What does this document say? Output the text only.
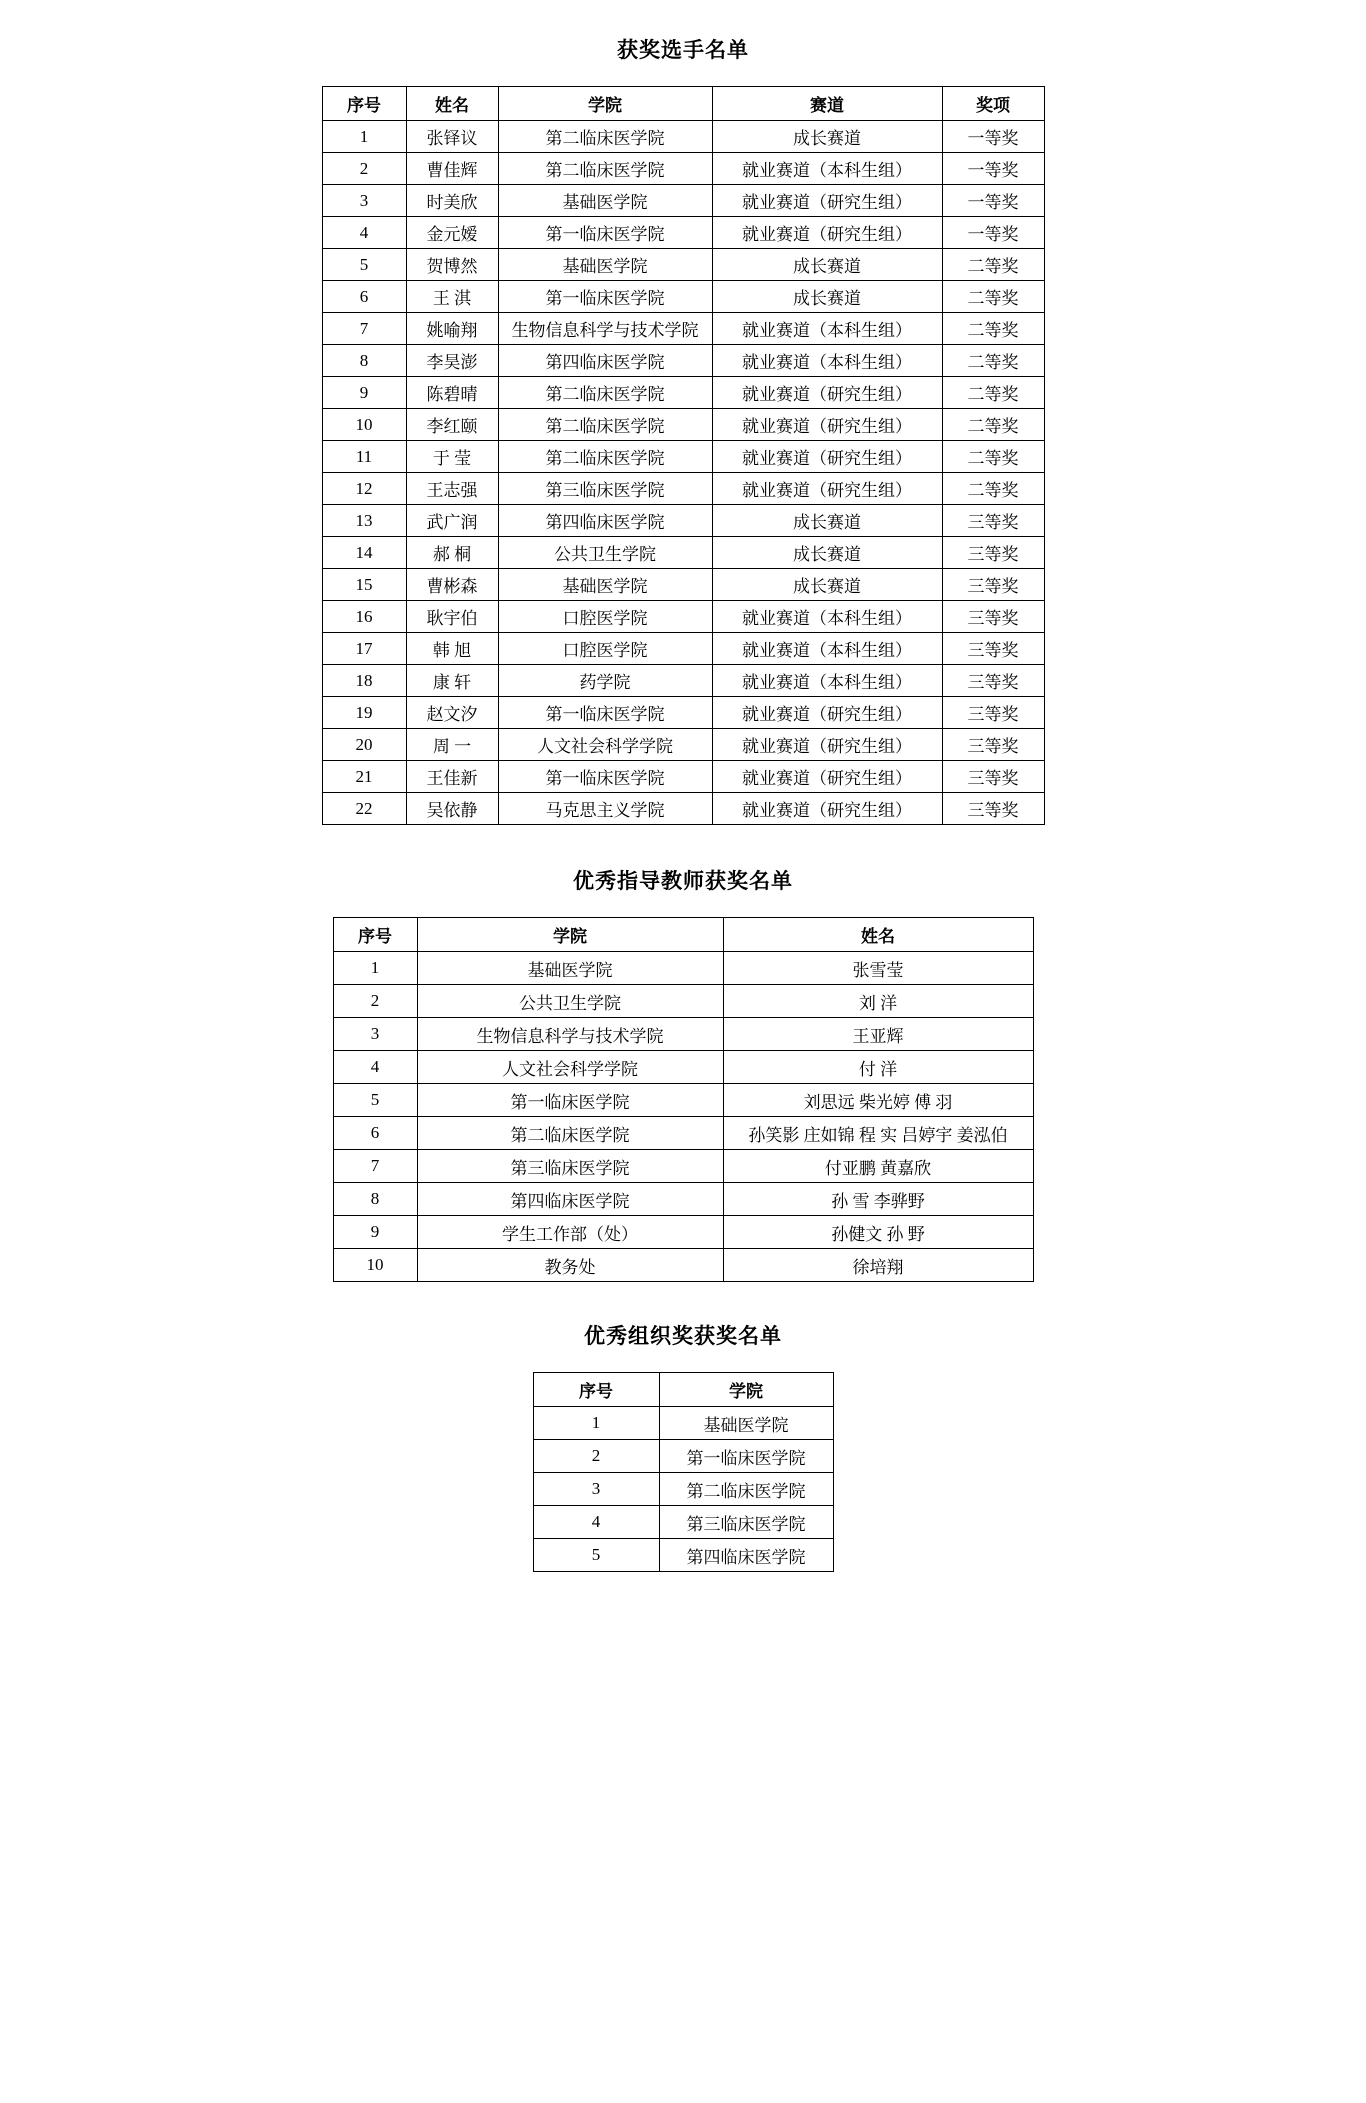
获奖选手名单
序号	姓名	学院	赛道	奖项
1	张铎议	第二临床医学院	成长赛道	一等奖
2	曹佳辉	第二临床医学院	就业赛道（本科生组）	一等奖
3	时美欣	基础医学院	就业赛道（研究生组）	一等奖
4	金元嫒	第一临床医学院	就业赛道（研究生组）	一等奖
5	贺博然	基础医学院	成长赛道	二等奖
6	王 淇	第一临床医学院	成长赛道	二等奖
7	姚喻翔	生物信息科学与技术学院	就业赛道（本科生组）	二等奖
8	李昊澎	第四临床医学院	就业赛道（本科生组）	二等奖
9	陈碧晴	第二临床医学院	就业赛道（研究生组）	二等奖
10	李红颐	第二临床医学院	就业赛道（研究生组）	二等奖
11	于 莹	第二临床医学院	就业赛道（研究生组）	二等奖
12	王志强	第三临床医学院	就业赛道（研究生组）	二等奖
13	武广润	第四临床医学院	成长赛道	三等奖
14	郝 桐	公共卫生学院	成长赛道	三等奖
15	曹彬森	基础医学院	成长赛道	三等奖
16	耿宇伯	口腔医学院	就业赛道（本科生组）	三等奖
17	韩 旭	口腔医学院	就业赛道（本科生组）	三等奖
18	康 轩	药学院	就业赛道（本科生组）	三等奖
19	赵文汐	第一临床医学院	就业赛道（研究生组）	三等奖
20	周 一	人文社会科学学院	就业赛道（研究生组）	三等奖
21	王佳新	第一临床医学院	就业赛道（研究生组）	三等奖
22	吴依静	马克思主义学院	就业赛道（研究生组）	三等奖
优秀指导教师获奖名单
序号	学院	姓名
1	基础医学院	张雪莹
2	公共卫生学院	刘 洋
3	生物信息科学与技术学院	王亚辉
4	人文社会科学学院	付 洋
5	第一临床医学院	刘思远 柴光婷 傅 羽
6	第二临床医学院	孙笑影 庄如锦 程 实 吕婷宇 姜泓伯
7	第三临床医学院	付亚鹏 黄嘉欣
8	第四临床医学院	孙 雪 李骅野
9	学生工作部（处）	孙健文 孙 野
10	教务处	徐培翔
优秀组织奖获奖名单
序号	学院
1	基础医学院
2	第一临床医学院
3	第二临床医学院
4	第三临床医学院
5	第四临床医学院
